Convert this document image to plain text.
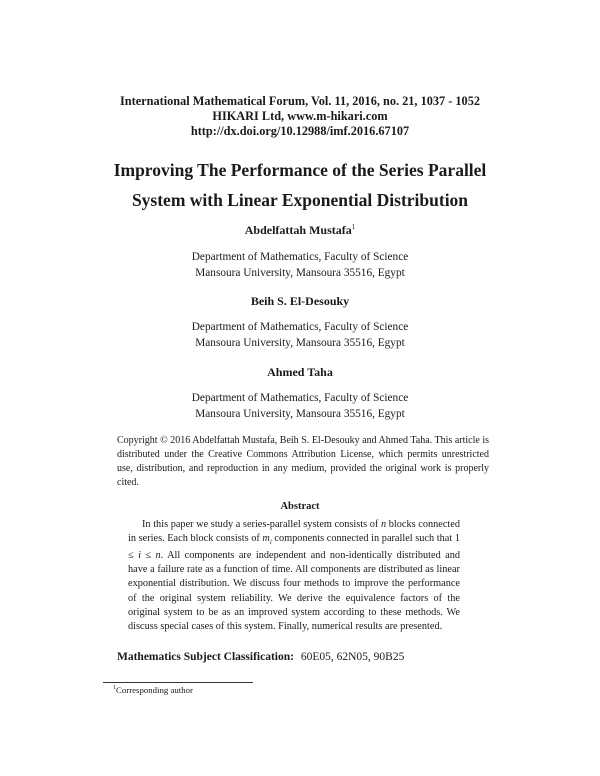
International Mathematical Forum, Vol. 11, 2016, no. 21, 1037 - 1052
HIKARI Ltd, www.m-hikari.com
http://dx.doi.org/10.12988/imf.2016.67107
Improving The Performance of the Series Parallel
System with Linear Exponential Distribution
Abdelfattah Mustafa$^1$
Department of Mathematics, Faculty of Science
Mansoura University, Mansoura 35516, Egypt
Beih S. El-Desouky
Department of Mathematics, Faculty of Science
Mansoura University, Mansoura 35516, Egypt
Ahmed Taha
Department of Mathematics, Faculty of Science
Mansoura University, Mansoura 35516, Egypt
Copyright © 2016 Abdelfattah Mustafa, Beih S. El-Desouky and Ahmed Taha. This article is distributed under the Creative Commons Attribution License, which permits unrestricted use, distribution, and reproduction in any medium, provided the original work is properly cited.
Abstract
In this paper we study a series-parallel system consists of n blocks connected in series. Each block consists of $m_i$ components connected in parallel such that 1 ≤ i ≤ n. All components are independent and non-identically distributed and have a failure rate as a function of time. All components are distributed as linear exponential distribution. We discuss four methods to improve the performance of the original system reliability. We derive the equivalence factors of the original system to be as an improved system according to these methods. We discuss special cases of this system. Finally, numerical results are presented.
Mathematics Subject Classification: 60E05, 62N05, 90B25
$^1$Corresponding author
